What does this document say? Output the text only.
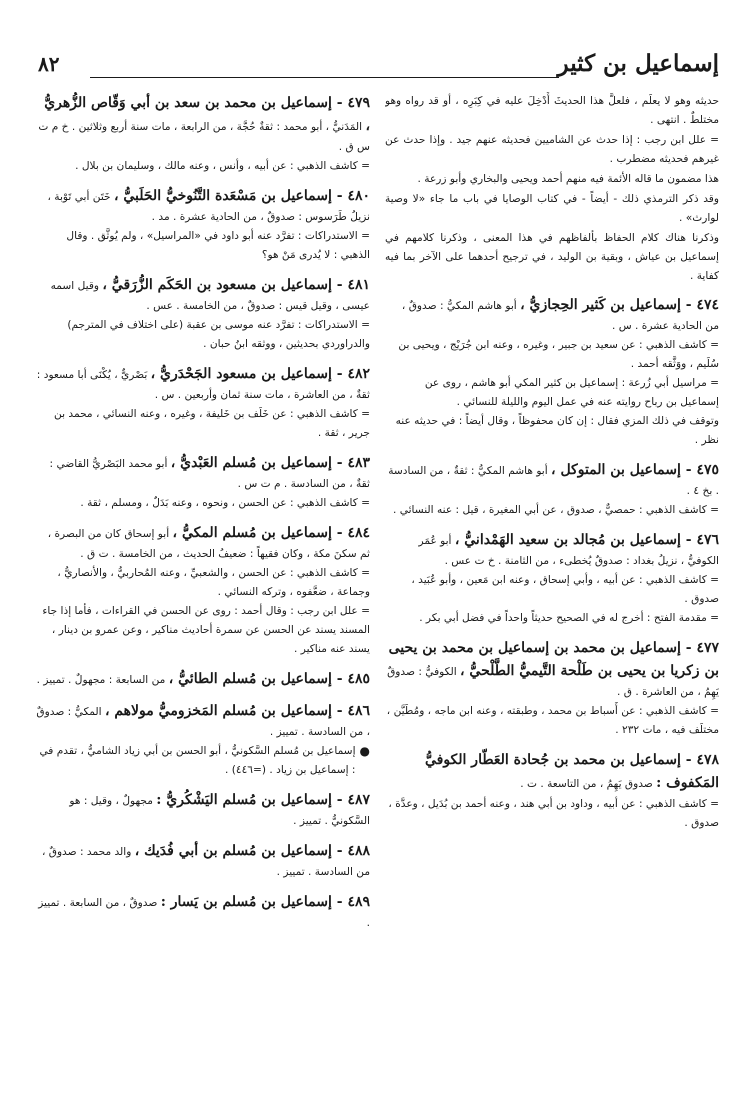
٨٢	إسماعيل بن كثير

حديثه وهو لا يعلَم ، فلعلَّ هذا الحديثَ أُدْخِلَ عليه في كِبَرِه ، أو قد رواه وهو مختلطٌ . انتهى .

= علل ابن رجب : إذا حدث عن الشاميين فحديثه عنهم جيد . وإذا حدث عن غيرهم فحديثه مضطرب .

هذا مضمون ما قاله الأئمة فيه منهم أحمد ويحيى والبخاري وأبو زرعة .

وقد ذكر الترمذي ذلك - أيضاً - في كتاب الوصايا في باب ما جاء «لا وصية لوارث» .

وذكرنا هناك كلام الحفاظ بألفاظهم في هذا المعنى ، وذكرنا كلامهم في إسماعيل بن عياش ، وبقية بن الوليد ، في ترجيح أحدهما على الآخر بما فيه كفاية .

٤٧٤ - إسماعيل بن كَثير الحِجازيُّ ، أبو هاشم المكيُّ : صدوقٌ ، من الحادية عشرة . س .

= كاشف الذهبي : عن سعيد بن جبير ، وغيره ، وعنه ابن جُرَيْج ، ويحيى بن سُلَيم ، ووَثَّقه أحمد .

= مراسيل أبي زُرعة : إسماعيل بن كثير المكي أبو هاشم ، روى عن إسماعيل بن رباح روايته عنه في عمل اليوم والليلة للنسائي .

وتوقف في ذلك المزي فقال : إن كان محفوظاً ، وقال أيضاً : في حديثه عنه نظر .

٤٧٥ - إسماعيل بن المتوكل ، أبو هاشم المكيُّ : ثقةٌ ، من السادسة . بخ ٤ .

= كاشف الذهبي : حمصيٌّ ، صدوق ، عن أبي المغيرة ، قيل : عنه النسائي .

٤٧٦ - إسماعيل بن مُجالد بن سعيد الهَمْدانيُّ ، أبو عُمَر الكوفيُّ ، نزيلُ بغداد : صدوقٌ يُخطىء ، من الثامنة . خ ت عس .

= كاشف الذهبي : عن أبيه ، وأبي إسحاق ، وعنه ابن مَعين ، وأبو عُبَيد ، صدوق .

= مقدمة الفتح : أخرج له في الصحيح حديثاً واحداً في فضل أبي بكر .

٤٧٧ - إسماعيل بن محمد بن إسماعيل بن محمد بن يحيى بن زكريا بن يحيى بن طَلْحة التَّيميُّ الطَّلْحيُّ ، الكوفيُّ : صدوقٌ يَهِمُ ، من العاشرة . ق .

= كاشف الذهبي : عن أَسباط بن محمد ، وطبقته ، وعنه ابن ماجه ، ومُطَيَّن ، مختلَف فيه ، مات ٢٣٢ .

٤٧٨ - إسماعيل بن محمد بن جُحادة العَطّار الكوفيُّ المَكفوف : صدوق يَهِمُ ، من التاسعة . ت .

= كاشف الذهبي : عن أبيه ، وداود بن أبي هند ، وعنه أحمد بن بُدَيل ، وعدَّة ، صدوق .

٤٧٩ - إسماعيل بن محمد بن سعد بن أبي وَقّاص الزُّهريُّ ، المَدَنيُّ ، أبو محمد : ثقةٌ حُجَّة ، من الرابعة ، مات سنة أربع وثلاثين . خ م ت س ق .

= كاشف الذهبي : عن أبيه ، وأنس ، وعنه مالك ، وسليمان بن بلال .

٤٨٠ - إسماعيل بن مَسْعَدة التَّنُوخيُّ الحَلَبيُّ ، خَتَن أبي تَوْبة ، نزيلُ طَرَسوس : صدوقٌ ، من الحادية عشرة . مد .

= الاستدراكات : تفرَّد عنه أبو داود في «المراسيل» ، ولم يُوثَّق . وقال الذهبي : لا يُدرى مَنْ هو؟

٤٨١ - إسماعيل بن مسعود بن الحَكَم الزُّرَقيُّ ، وقيل اسمه عيسى ، وقيل قيس : صدوقٌ ، من الخامسة . عس .

= الاستدراكات : تفرَّد عنه موسى بن عقبة (على اختلاف في المترجم) والدراوردي بحديثين ، ووثقه ابنُ حبان .

٤٨٢ - إسماعيل بن مسعود الجَحْدَريُّ ، بَصْريٌّ ، يُكْنَى أبا مسعود : ثقةٌ ، من العاشرة ، مات سنة ثمان وأربعين . س .

= كاشف الذهبي : عن خَلَف بن خَليفة ، وغيره ، وعنه النسائي ، محمد بن جرير ، ثقة .

٤٨٣ - إسماعيل بن مُسلم العَبْديُّ ، أبو محمد البَصْريُّ القاضي : ثقةٌ ، من السادسة . م ت س .

= كاشف الذهبي : عن الحسن ، ونحوه ، وعنه بَدَلٌ ، ومسلم ، ثقة .

٤٨٤ - إسماعيل بن مُسلم المكيُّ ، أبو إسحاق كان من البصرة ، ثم سكنَ مكة ، وكان فقيهاً : ضعيفُ الحديث ، من الخامسة . ت ق .

= كاشف الذهبي : عن الحسن ، والشعبيِّ ، وعنه المُحاربيُّ ، والأنصاريُّ ، وجماعة ، ضعَّفوه ، وتركه النسائي .

= علل ابن رجب : وقال أحمد : روى عن الحسن في القراءات ، فأما إذا جاء المسند يسند عن الحسن عن سمرة أحاديث مناكير ، وعن عمرو بن دينار ، يسند عنه مناكير .

٤٨٥ - إسماعيل بن مُسلم الطائيُّ ، من السابعة : مجهولٌ . تمييز .

٤٨٦ - إسماعيل بن مُسلم المَخزوميُّ مولاهم ، المكيُّ : صدوقٌ ، من السادسة . تمييز .

●

إسماعيل بن مُسلم السَّكونيُّ ، أبو الحسن بن أبي زياد الشاميُّ ، تقدم في : إسماعيل بن زياد . (=٤٤٦) .

٤٨٧ - إسماعيل بن مُسلم اليَشْكُريُّ : مجهولٌ ، وقيل : هو السَّكونيُّ . تمييز .

٤٨٨ - إسماعيل بن مُسلم بن أبي فُدَيك ، والد محمد : صدوقٌ ، من السادسة . تمييز .

٤٨٩ - إسماعيل بن مُسلم بن يَسار : صدوقٌ ، من السابعة . تمييز .
